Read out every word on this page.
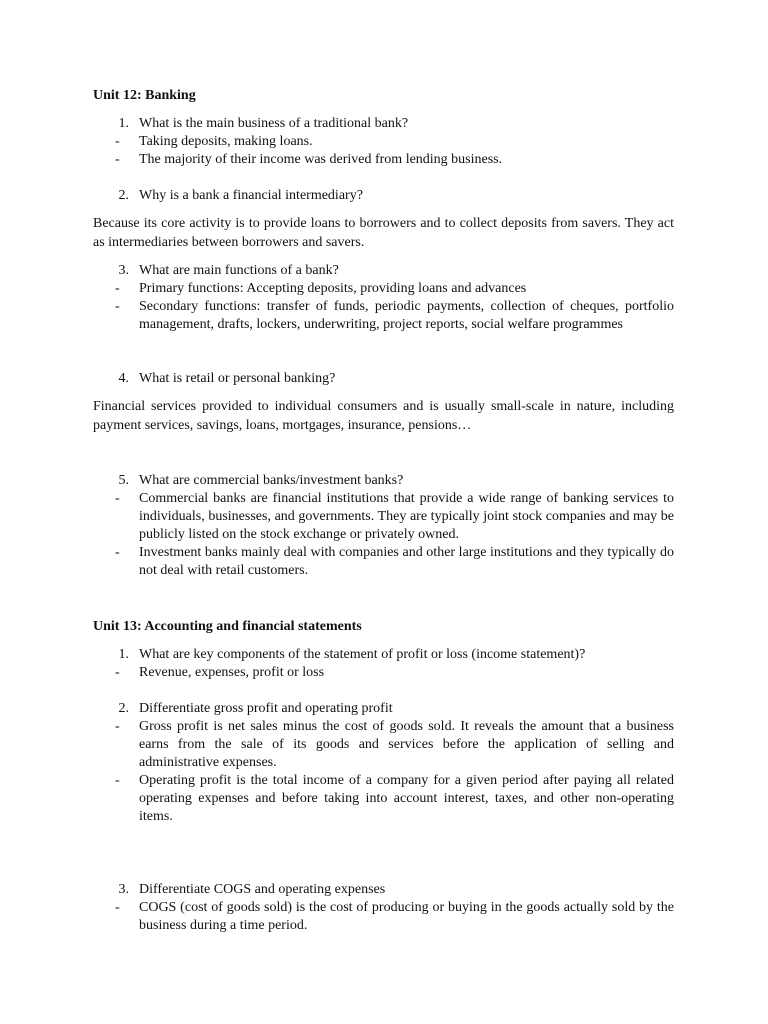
Unit 12: Banking
1. What is the main business of a traditional bank?
- Taking deposits, making loans.
- The majority of their income was derived from lending business.
2. Why is a bank a financial intermediary?
Because its core activity is to provide loans to borrowers and to collect deposits from savers. They act as intermediaries between borrowers and savers.
3. What are main functions of a bank?
- Primary functions: Accepting deposits, providing loans and advances
- Secondary functions: transfer of funds, periodic payments, collection of cheques, portfolio management, drafts, lockers, underwriting, project reports, social welfare programmes
4. What is retail or personal banking?
Financial services provided to individual consumers and is usually small-scale in nature, including payment services, savings, loans, mortgages, insurance, pensions…
5. What are commercial banks/investment banks?
- Commercial banks are financial institutions that provide a wide range of banking services to individuals, businesses, and governments. They are typically joint stock companies and may be publicly listed on the stock exchange or privately owned.
- Investment banks mainly deal with companies and other large institutions and they typically do not deal with retail customers.
Unit 13: Accounting and financial statements
1. What are key components of the statement of profit or loss (income statement)?
- Revenue, expenses, profit or loss
2. Differentiate gross profit and operating profit
- Gross profit is net sales minus the cost of goods sold. It reveals the amount that a business earns from the sale of its goods and services before the application of selling and administrative expenses.
- Operating profit is the total income of a company for a given period after paying all related operating expenses and before taking into account interest, taxes, and other non-operating items.
3. Differentiate COGS and operating expenses
- COGS (cost of goods sold) is the cost of producing or buying in the goods actually sold by the business during a time period.
